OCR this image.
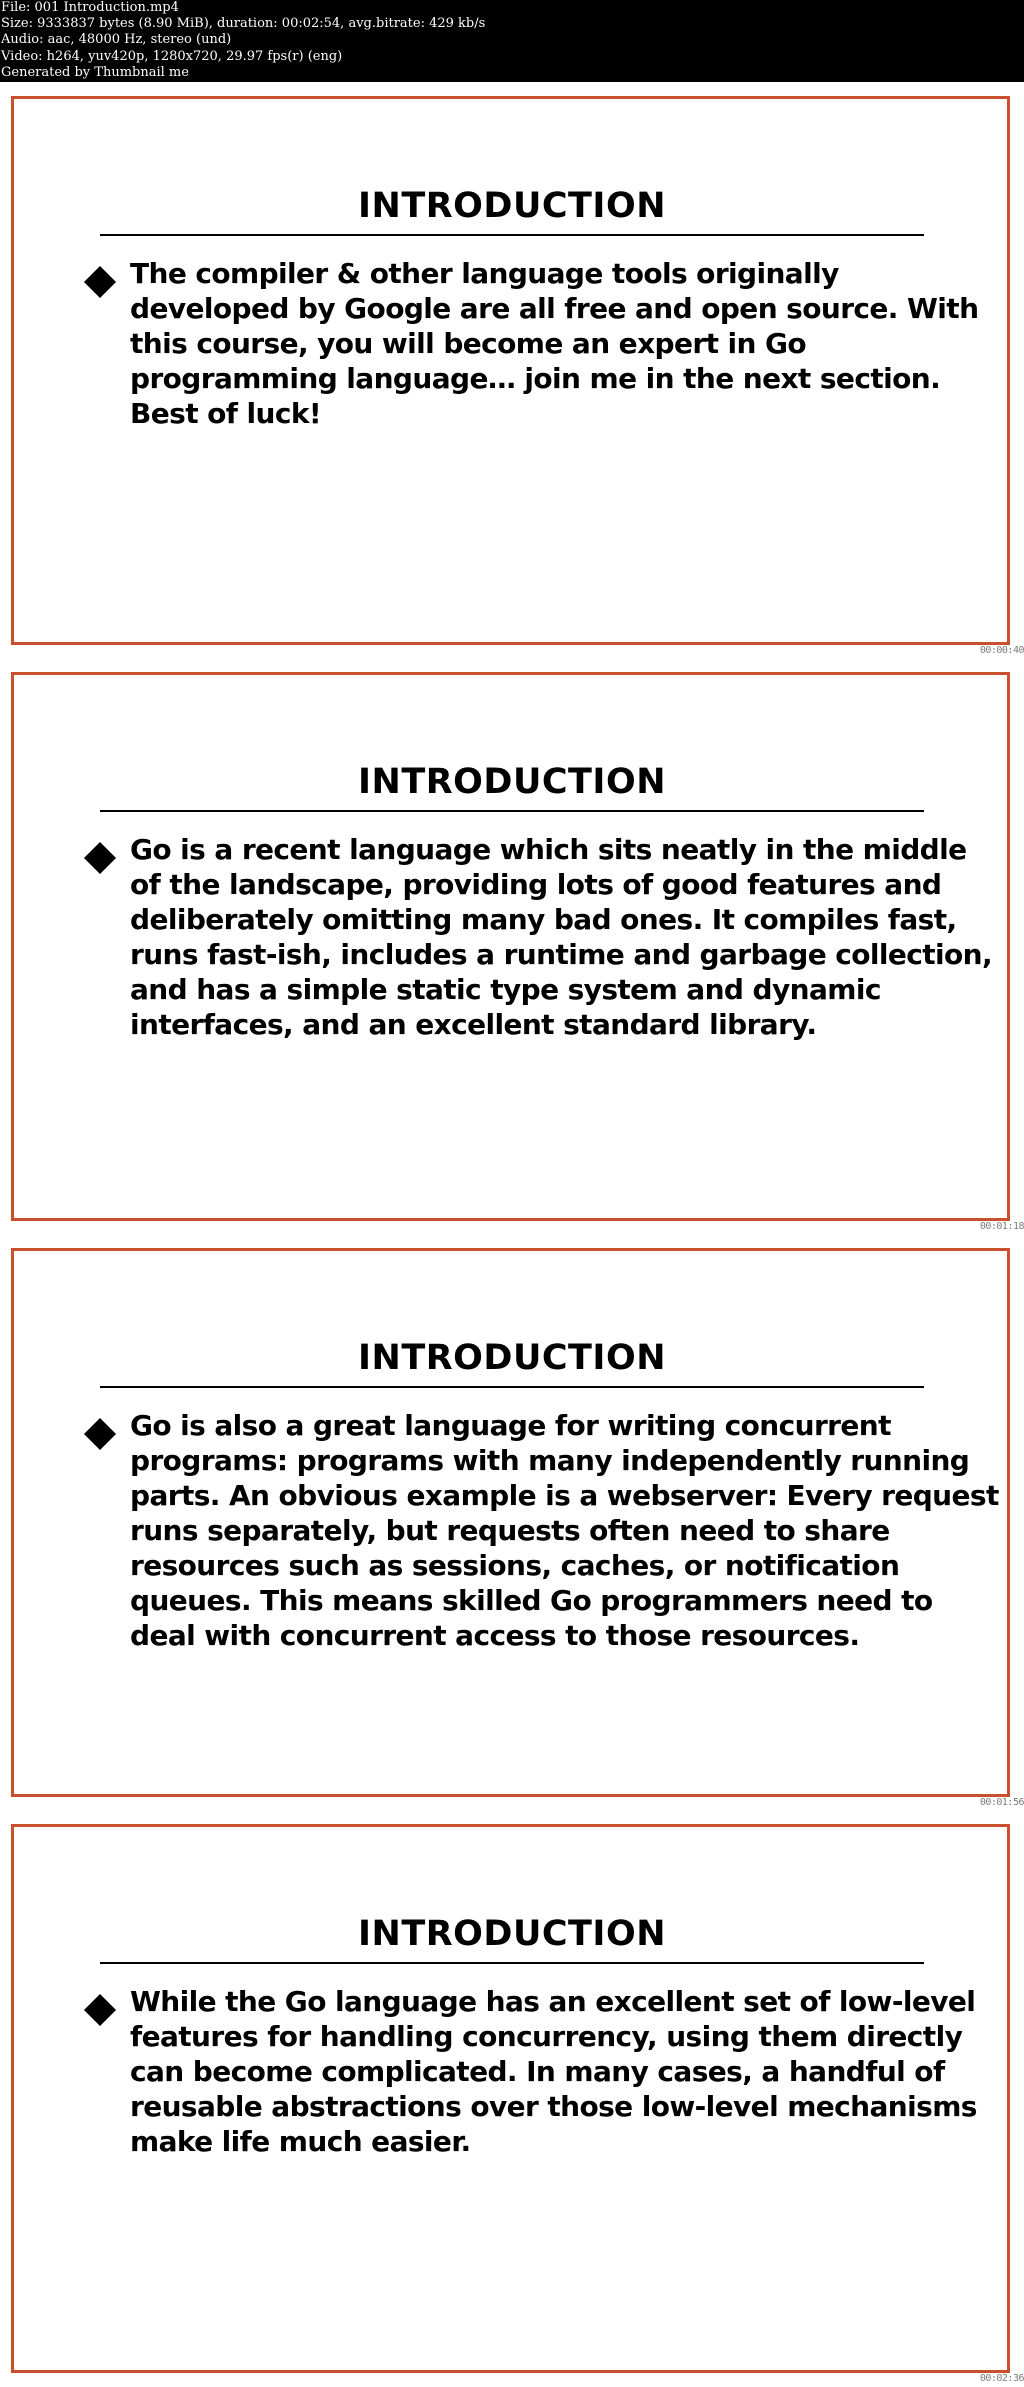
File: 001 Introduction.mp4
Size: 9333837 bytes (8.90 MiB), duration: 00:02:54, avg.bitrate: 429 kb/s
Audio: aac, 48000 Hz, stereo (und)
Video: h264, yuv420p, 1280x720, 29.97 fps(r) (eng)
Generated by Thumbnail me
INTRODUCTION
The compiler & other language tools originally developed by Google are all free and open source. With this course, you will become an expert in Go programming language… join me in the next section. Best of luck!
00:00:40
INTRODUCTION
Go is a recent language which sits neatly in the middle of the landscape, providing lots of good features and deliberately omitting many bad ones. It compiles fast, runs fast-ish, includes a runtime and garbage collection, and has a simple static type system and dynamic interfaces, and an excellent standard library.
00:01:18
INTRODUCTION
Go is also a great language for writing concurrent programs: programs with many independently running parts. An obvious example is a webserver: Every request runs separately, but requests often need to share resources such as sessions, caches, or notification queues. This means skilled Go programmers need to deal with concurrent access to those resources.
00:01:56
INTRODUCTION
While the Go language has an excellent set of low-level features for handling concurrency, using them directly can become complicated. In many cases, a handful of reusable abstractions over those low-level mechanisms make life much easier.
00:02:36
